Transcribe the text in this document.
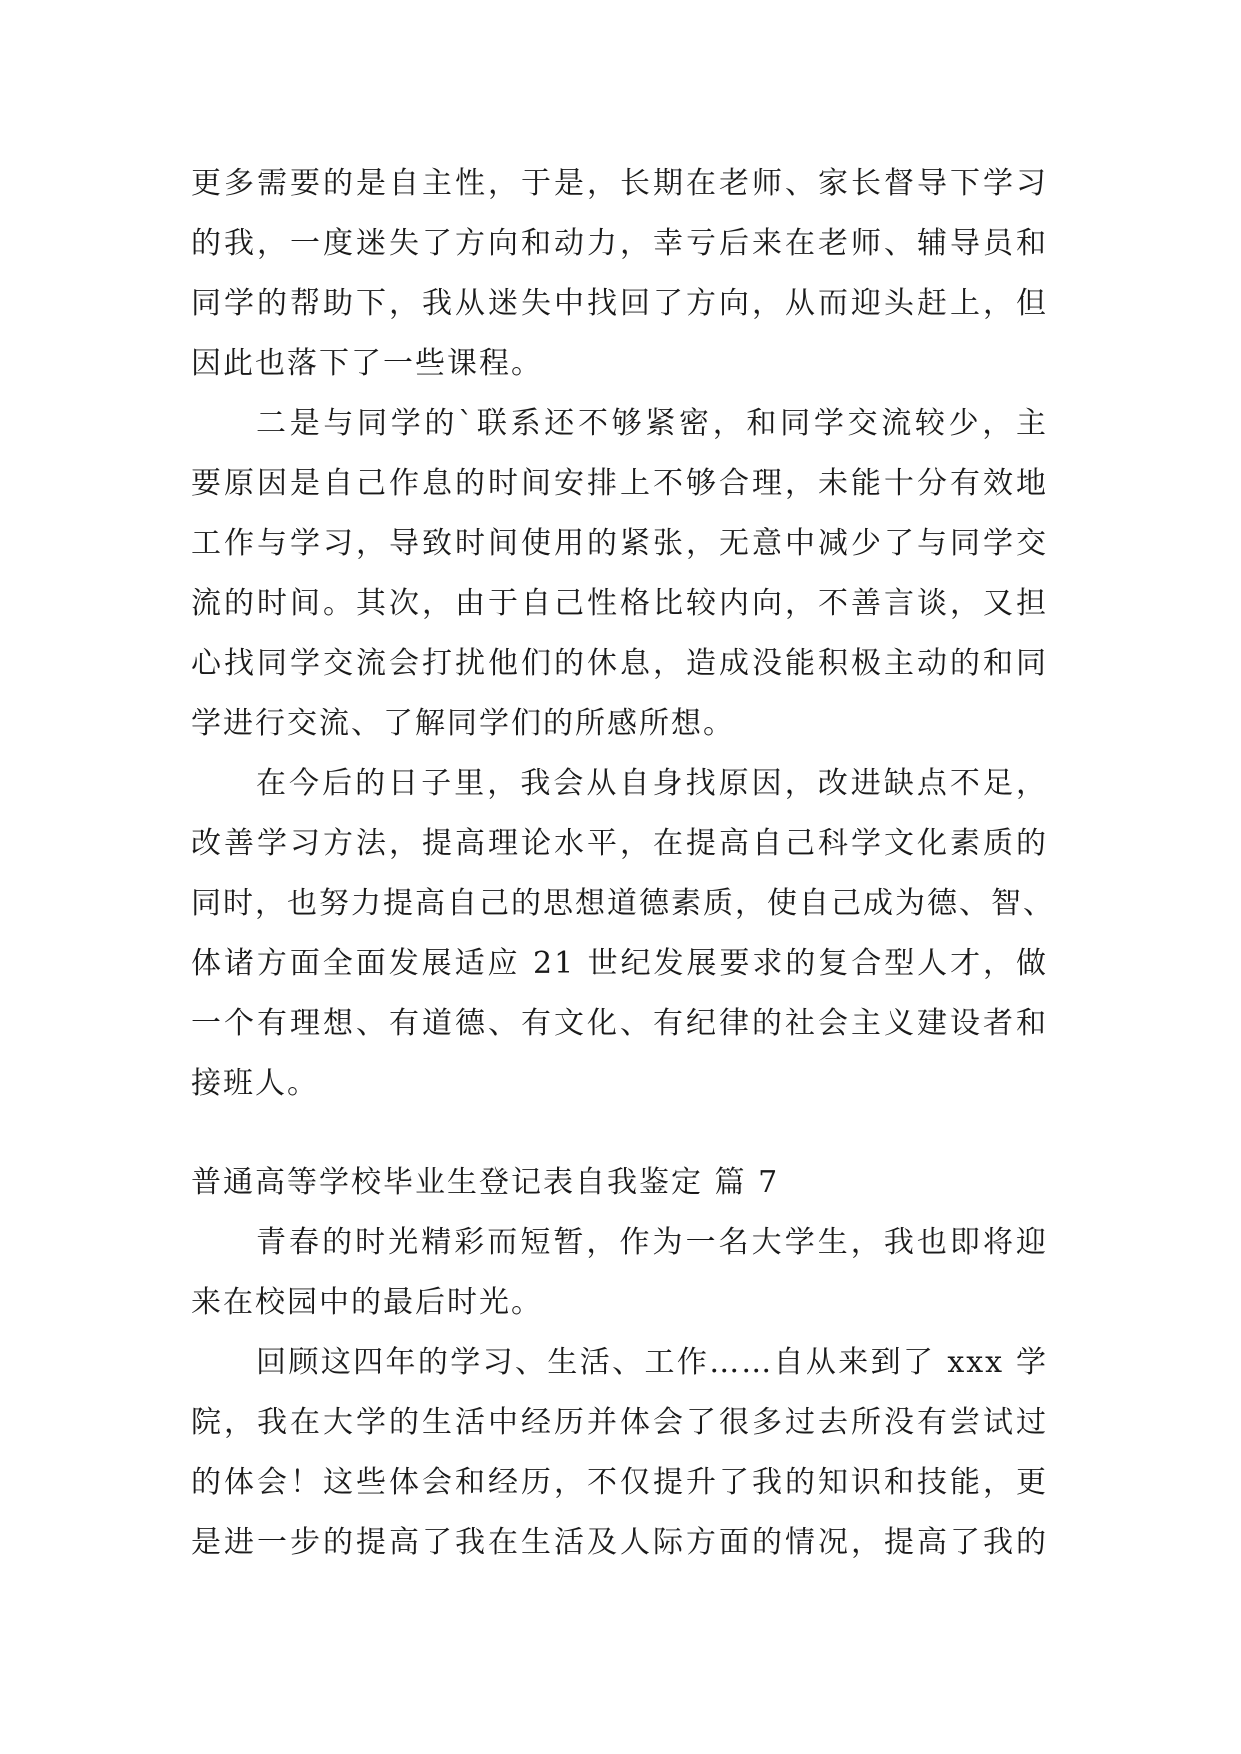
更多需要的是自主性，于是，长期在老师、家长督导下学习
的我，一度迷失了方向和动力，幸亏后来在老师、辅导员和
同学的帮助下，我从迷失中找回了方向，从而迎头赶上，但
因此也落下了一些课程。
二是与同学的`联系还不够紧密，和同学交流较少，主
要原因是自己作息的时间安排上不够合理，未能十分有效地
工作与学习，导致时间使用的紧张，无意中减少了与同学交
流的时间。其次，由于自己性格比较内向，不善言谈，又担
心找同学交流会打扰他们的休息，造成没能积极主动的和同
学进行交流、了解同学们的所感所想。
在今后的日子里，我会从自身找原因，改进缺点不足，
改善学习方法，提高理论水平，在提高自己科学文化素质的
同时，也努力提高自己的思想道德素质，使自己成为德、智、
体诸方面全面发展适应 21 世纪发展要求的复合型人才，做
一个有理想、有道德、有文化、有纪律的社会主义建设者和
接班人。
普通高等学校毕业生登记表自我鉴定 篇 7
青春的时光精彩而短暂，作为一名大学生，我也即将迎
来在校园中的最后时光。
回顾这四年的学习、生活、工作……自从来到了 xxx 学
院，我在大学的生活中经历并体会了很多过去所没有尝试过
的体会！这些体会和经历，不仅提升了我的知识和技能，更
是进一步的提高了我在生活及人际方面的情况，提高了我的
